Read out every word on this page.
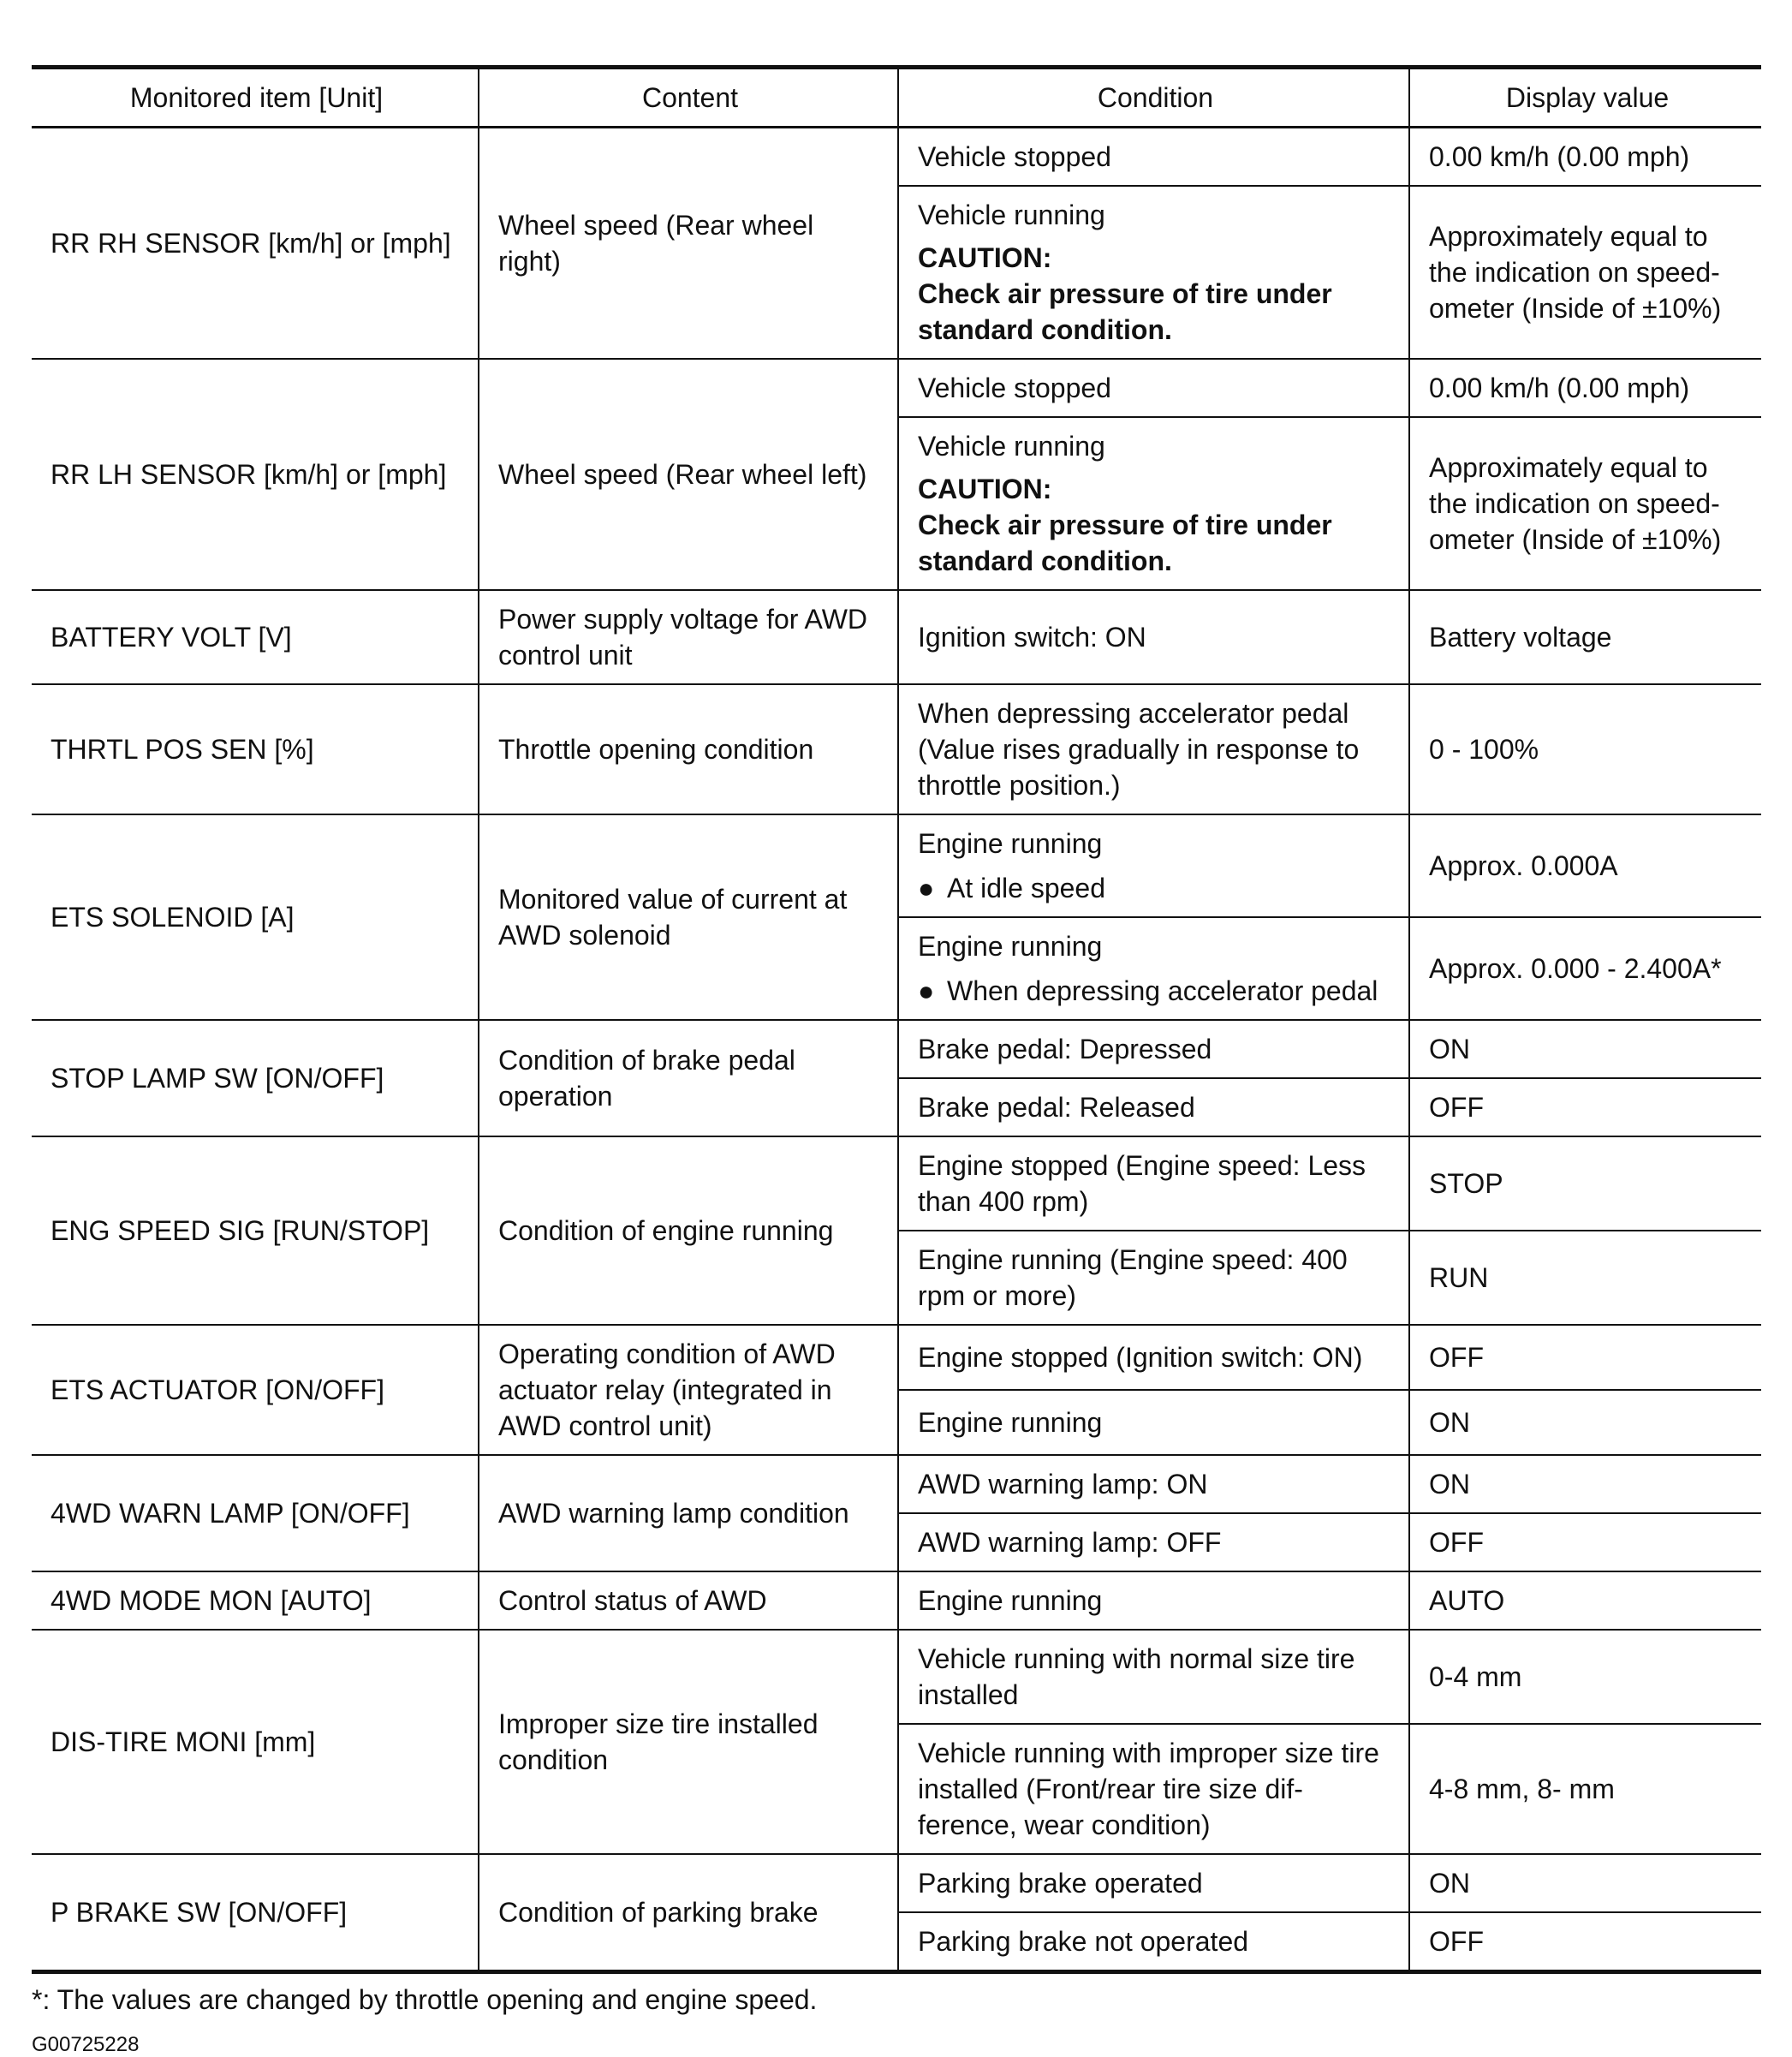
Monitored item [Unit]	Content	Condition	Display value
RR RH SENSOR [km/h] or [mph]	Wheel speed (Rear wheel right)	Vehicle stopped	0.00 km/h (0.00 mph)

		Vehicle running
CAUTION:
Check air pressure of tire under standard condition.	Approximately equal to the indication on speed-ometer (Inside of ±10%)
RR LH SENSOR [km/h] or [mph]	Wheel speed (Rear wheel left)	Vehicle stopped	0.00 km/h (0.00 mph)

		Vehicle running
CAUTION:
Check air pressure of tire under standard condition.	Approximately equal to the indication on speed-ometer (Inside of ±10%)
BATTERY VOLT [V]	Power supply voltage for AWD control unit	Ignition switch: ON	Battery voltage
THRTL POS SEN [%]	Throttle opening condition	When depressing accelerator pedal (Value rises gradually in response to throttle position.)	0 - 100%
ETS SOLENOID [A]	Monitored value of current at AWD solenoid	Engine running
● At idle speed	Approx. 0.000A

		Engine running
● When depressing accelerator pedal	Approx. 0.000 - 2.400A*
STOP LAMP SW [ON/OFF]	Condition of brake pedal operation	Brake pedal: Depressed	ON
		Brake pedal: Released	OFF
ENG SPEED SIG [RUN/STOP]	Condition of engine running	Engine stopped (Engine speed: Less than 400 rpm)	STOP
		Engine running (Engine speed: 400 rpm or more)	RUN
ETS ACTUATOR [ON/OFF]	Operating condition of AWD actuator relay (integrated in AWD control unit)	Engine stopped (Ignition switch: ON)	OFF
		Engine running	ON
4WD WARN LAMP [ON/OFF]	AWD warning lamp condition	AWD warning lamp: ON	ON
		AWD warning lamp: OFF	OFF
4WD MODE MON [AUTO]	Control status of AWD	Engine running	AUTO
DIS-TIRE MONI [mm]	Improper size tire installed condition	Vehicle running with normal size tire installed	0-4 mm
		Vehicle running with improper size tire installed (Front/rear tire size dif-ference, wear condition)	4-8 mm, 8- mm
P BRAKE SW [ON/OFF]	Condition of parking brake	Parking brake operated	ON
		Parking brake not operated	OFF
*: The values are changed by throttle opening and engine speed.
G00725228
